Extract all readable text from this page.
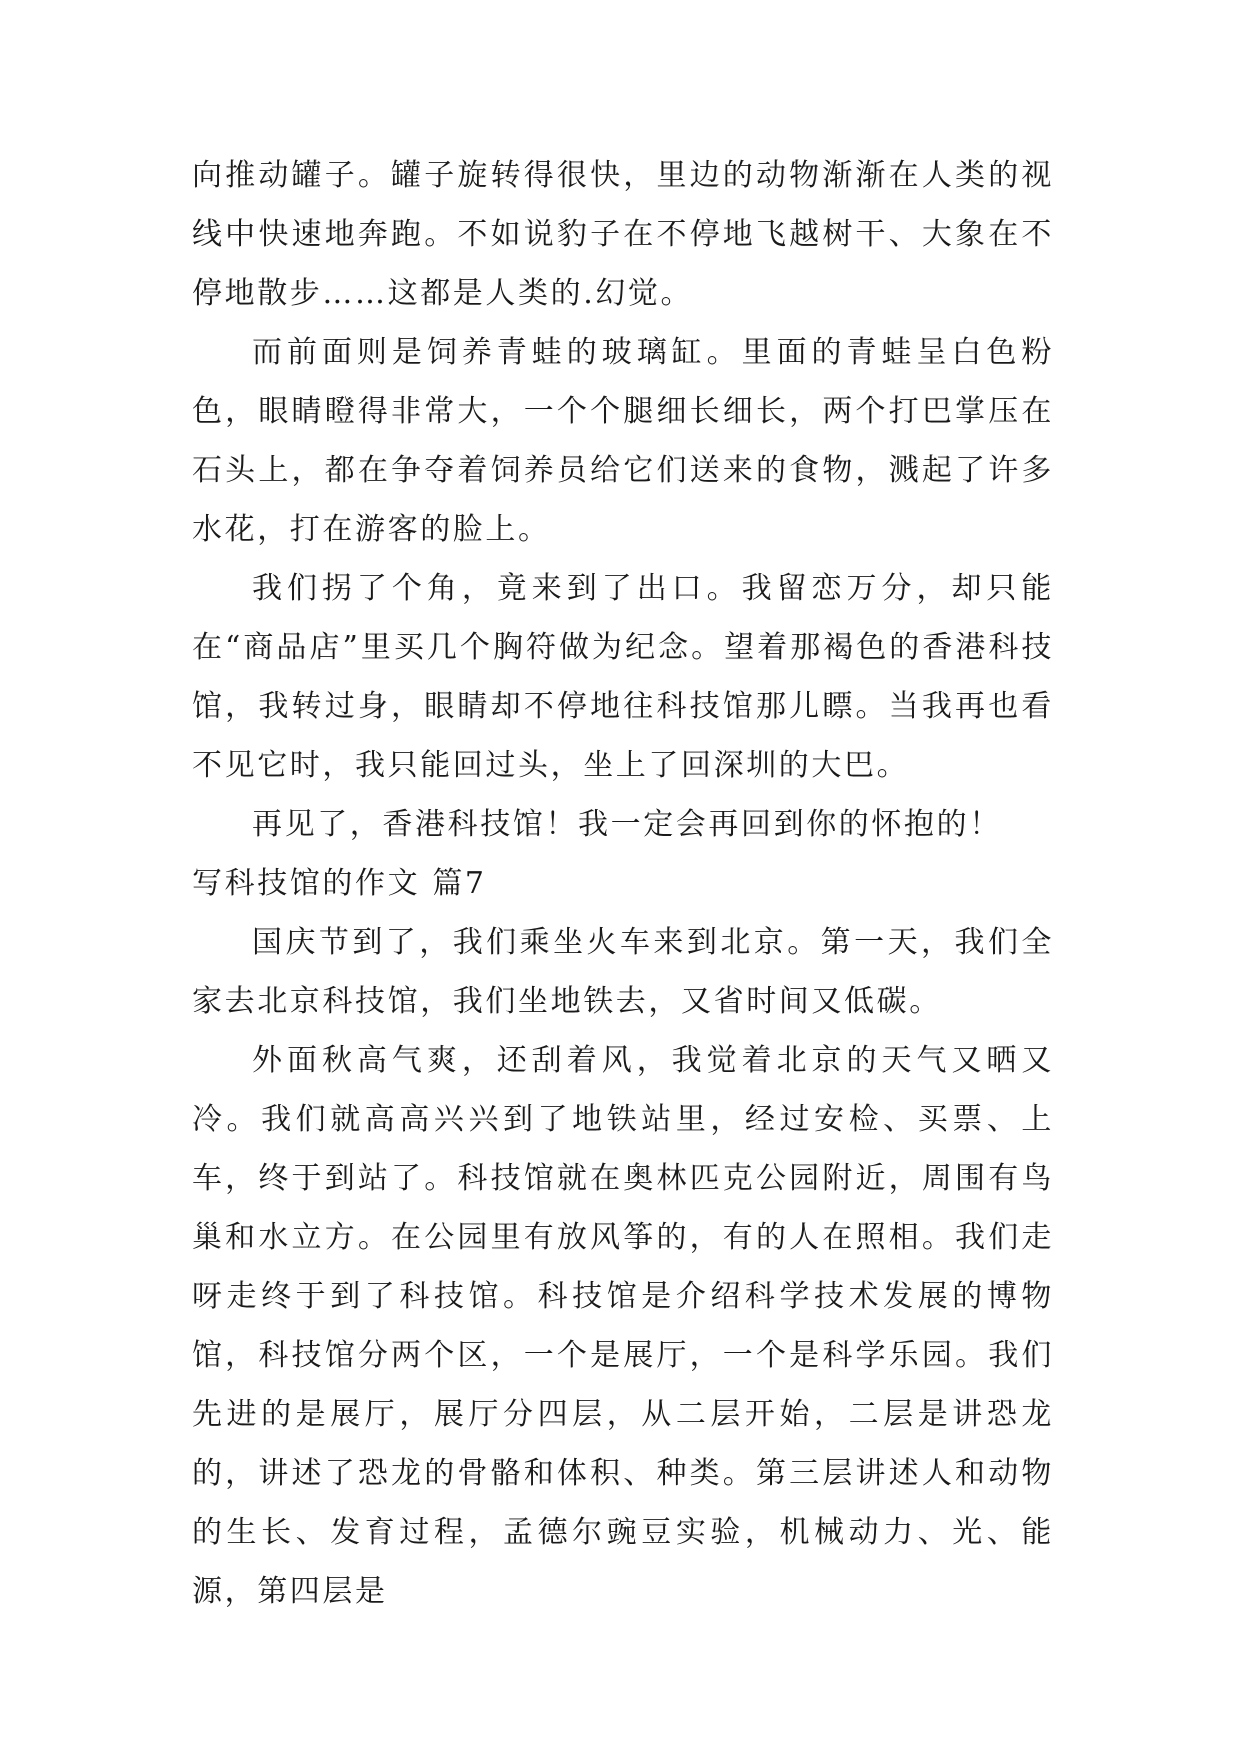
向推动罐子。罐子旋转得很快，里边的动物渐渐在人类的视线中快速地奔跑。不如说豹子在不停地飞越树干、大象在不停地散步……这都是人类的.幻觉。

而前面则是饲养青蛙的玻璃缸。里面的青蛙呈白色粉色，眼睛瞪得非常大，一个个腿细长细长，两个打巴掌压在石头上，都在争夺着饲养员给它们送来的食物，溅起了许多水花，打在游客的脸上。

我们拐了个角，竟来到了出口。我留恋万分，却只能在“商品店”里买几个胸符做为纪念。望着那褐色的香港科技馆，我转过身，眼睛却不停地往科技馆那儿瞟。当我再也看不见它时，我只能回过头，坐上了回深圳的大巴。

再见了，香港科技馆！我一定会再回到你的怀抱的！

写科技馆的作文 篇7

国庆节到了，我们乘坐火车来到北京。第一天，我们全家去北京科技馆，我们坐地铁去，又省时间又低碳。

外面秋高气爽，还刮着风，我觉着北京的天气又晒又冷。我们就高高兴兴到了地铁站里，经过安检、买票、上车，终于到站了。科技馆就在奥林匹克公园附近，周围有鸟巢和水立方。在公园里有放风筝的，有的人在照相。我们走呀走终于到了科技馆。科技馆是介绍科学技术发展的博物馆，科技馆分两个区，一个是展厅，一个是科学乐园。我们先进的是展厅，展厅分四层，从二层开始，二层是讲恐龙的，讲述了恐龙的骨骼和体积、种类。第三层讲述人和动物的生长、发育过程，孟德尔豌豆实验，机械动力、光、能源，第四层是
